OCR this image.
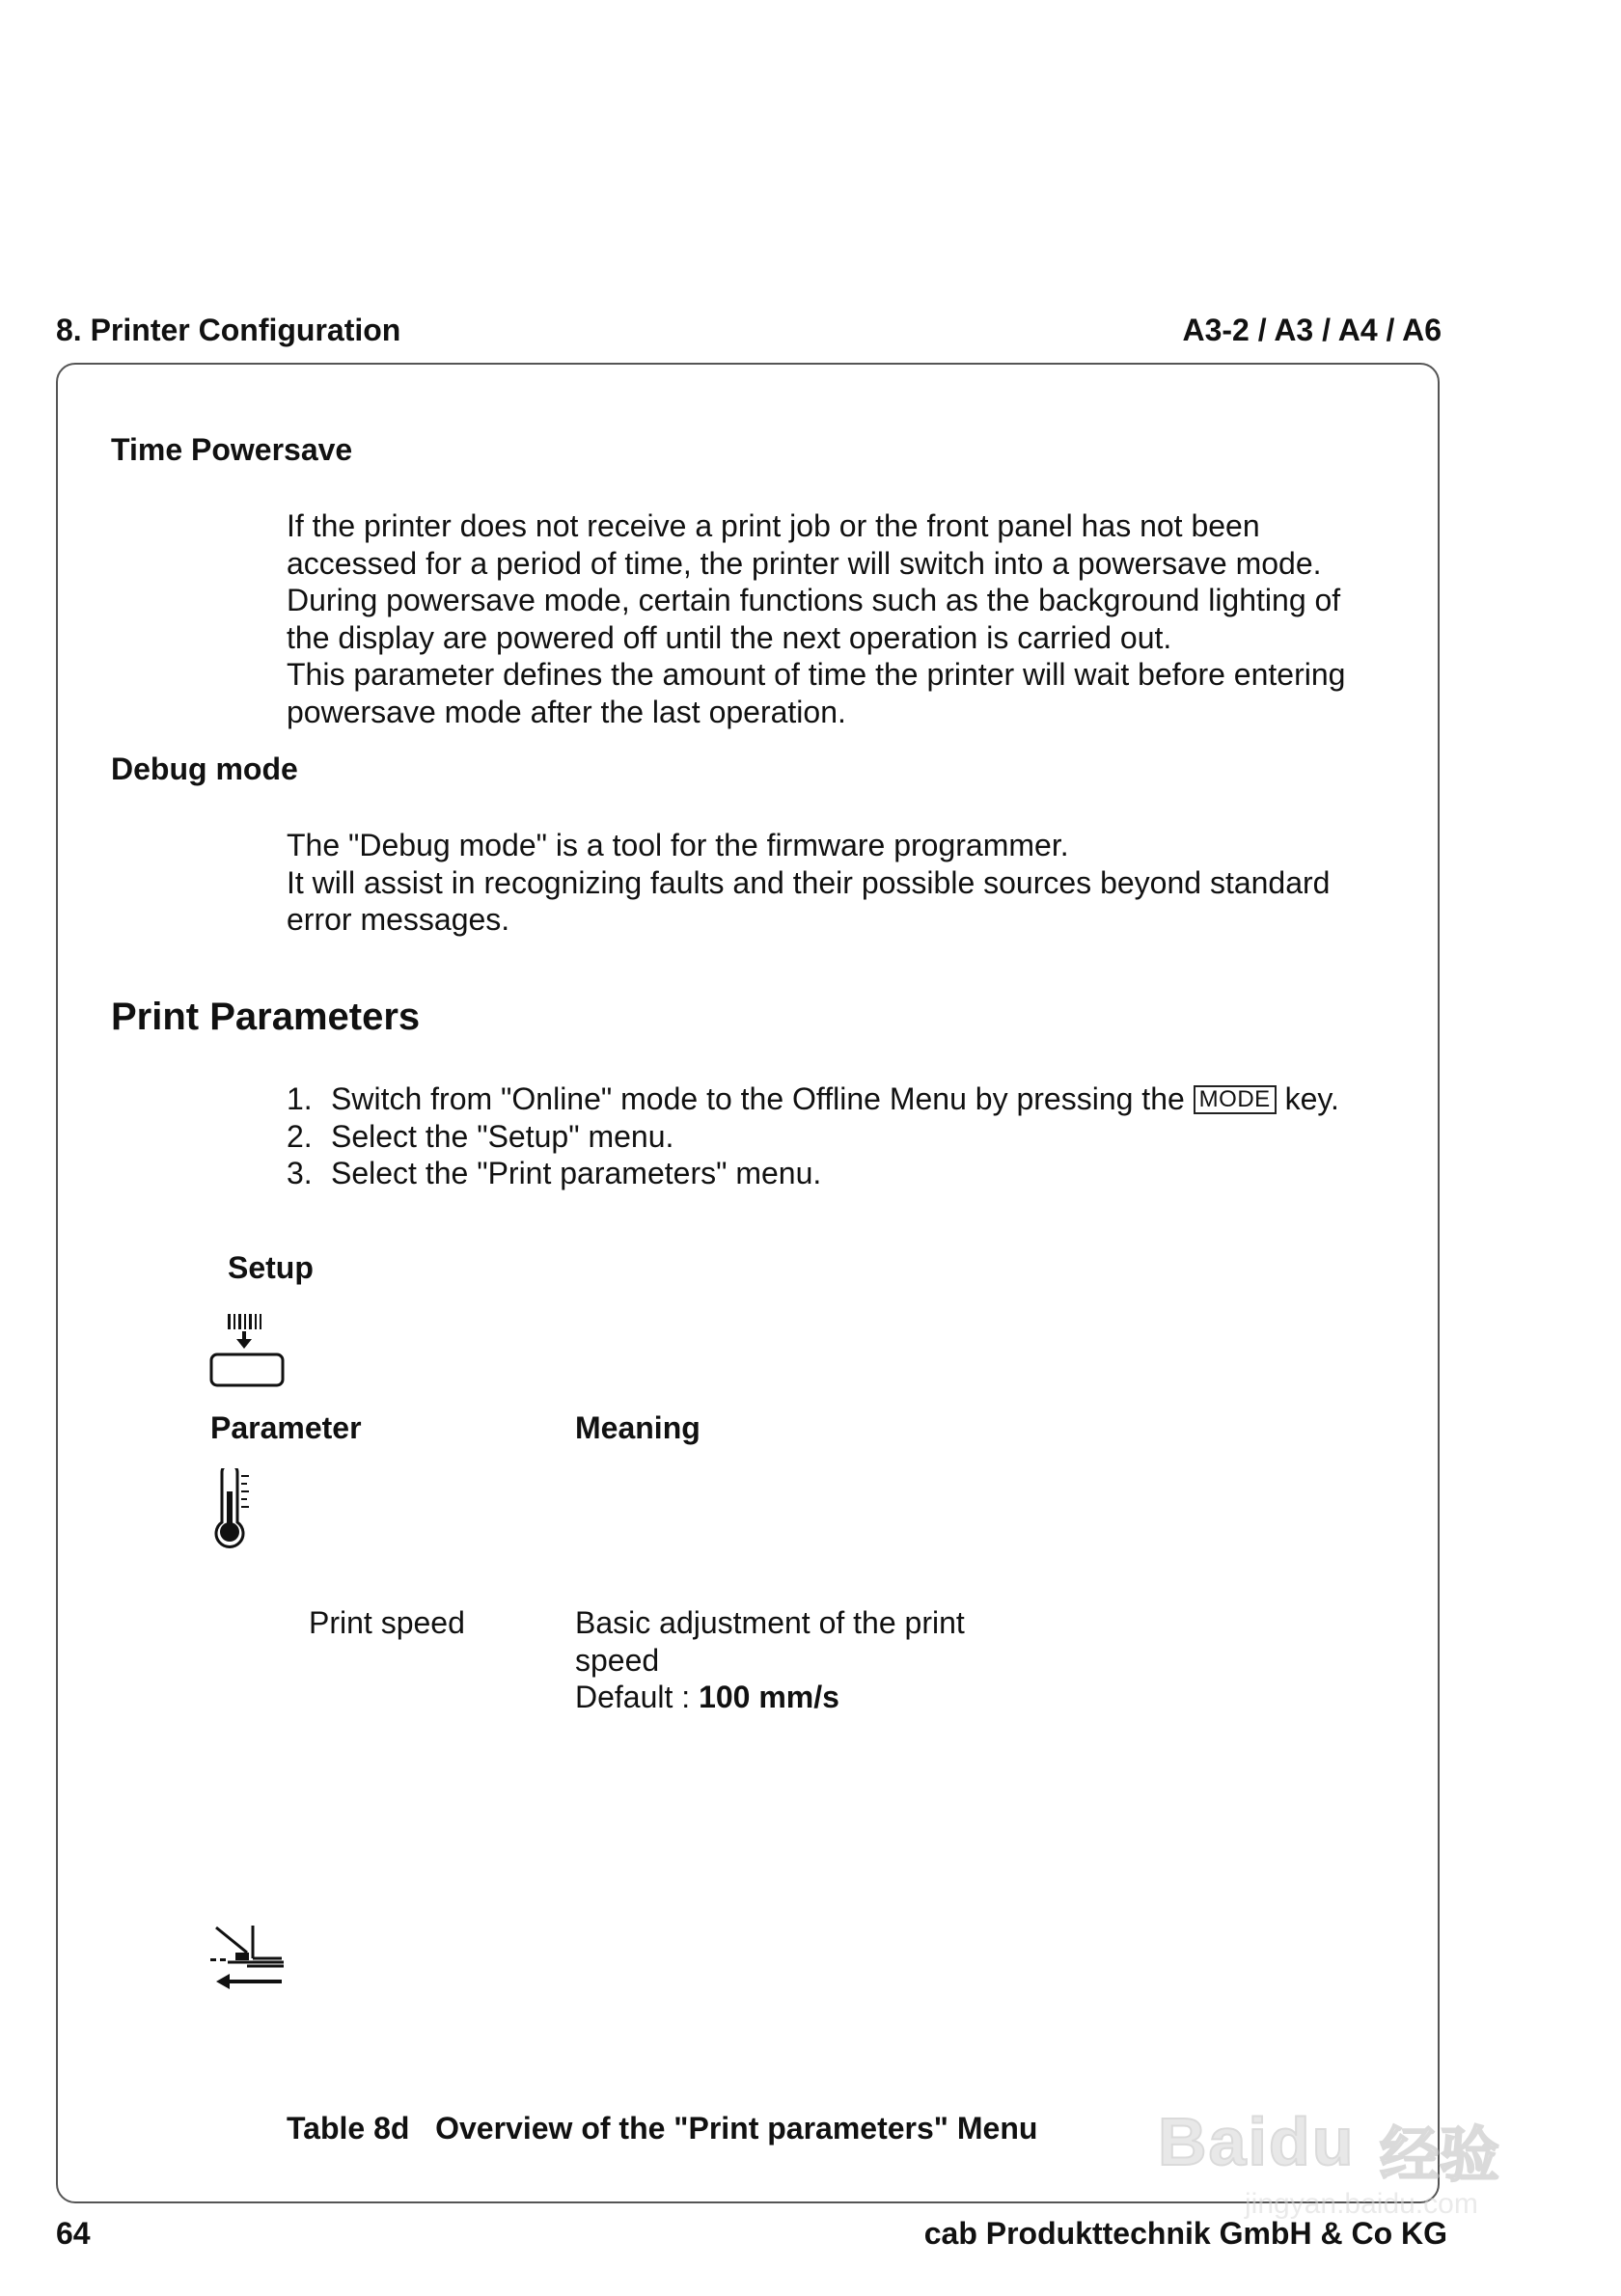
8. Printer Configuration	A3-2 / A3 / A4 / A6
Time Powersave

If the printer does not receive a print job or the front panel has not been

accessed for a period of time, the printer will switch into a powersave mode.

During powersave mode, certain functions such as the background lighting of

the display are powered off until the next operation is carried out.

This parameter defines the amount of time the printer will wait before entering

powersave mode after the last operation.

Debug mode

The "Debug mode" is a tool for the firmware programmer.

It will assist in recognizing faults and their possible sources beyond standard

error messages.

Print Parameters
1. Switch from "Online" mode to the Offline Menu by pressing the MODE key.
2. Select the "Setup" menu.
3. Select the "Print parameters" menu.
Setup
Parameter	Meaning
Print speed	Basic adjustment of the print

speed

Default : 100 mm/s

Table 8d Overview of the "Print parameters" Menu
64	cab Produkttechnik GmbH & Co KG
Baidu 经验
jingyan.baidu.com
